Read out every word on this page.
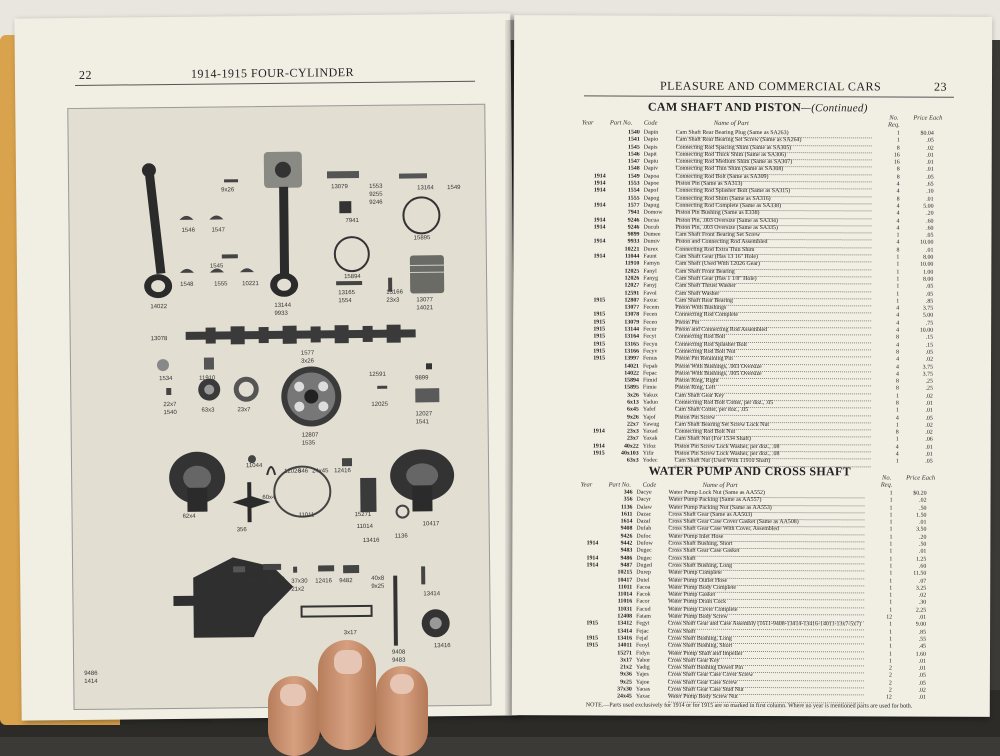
22	1914-1915 FOUR-CYLINDER
9x26
13079	1553
9255
9246
13164 1549
1546	1547
7941
15895
1545
15894
1548	1555 10221
13144
9933
13165
1554
13166
23x3	13077
14021
14022
13078
1577
3x26
1534	11910
12591
9899
22x7
1540	63x3	23x7
12025
12027
1541
12807
1535
11044
12026
346 24x45 12416
60x4
62x4
356
11011	15271
11014
13416
1136
10417
61x6 11031 37x30
21x2
12416 9482	40x8
9x25
13414
9487
3x17
9408
9483
13416
9486
1414
PLEASURE AND COMMERCIAL CARS	23
CAM SHAFT AND PISTON—(Continued)
Year	Part No. Code	Name of Part
No. Req.
Price Each
1540 Dapin	Cam Shaft Rear Bearing Plug (Same as SA263)	1	$0.04
1541 Dapio	Cam Shaft Rear Bearing Set Screw (Same as SA264)	1	.05
1545 Dapis	Connecting Rod Spacing Shim (Same as SA305)	8	.02
1546 Dapit	Connecting Rod Thick Shim (Same as SA306)	16	.01
1547 Dapiu	Connecting Rod Medium Shim (Same as SA307)	16	.01
1548 Dapiv	Connecting Rod Thin Shim (Same as SA308)	8	.01
1914	1549 Dapoa	Connecting Rod Bolt (Same as SA309)	8	.05
1914	1553 Dapoe	Piston Pin (Same as SA313)	4	.65
1914	1554 Dapof	Connecting Rod Splasher Bolt (Same as SA315)	4	.10
1555 Dapog	Connecting Rod Shim (Same as SA316)	8	.01
1914	1577 Dapug	Connecting Rod Complete (Same as SA338)	4	5.00
7941 Domow	Piston Pin Bushing (Same as E338)	4	.20
1914	9246 Ducua	Piston Pin, .003 Oversize (Same as SA334)	4	.60
1914	9246 Ducub	Piston Pin, .003 Oversize (Same as SA335)	4	.60
9899 Dumee	Cam Shaft Front Bearing Set Screw	1	.05
1914	9933 Dumiv	Piston and Connecting Rod Assembled	4	10.00
10221 Durex	Connecting Rod Extra Thin Shim	8	.01
1914	11044 Faunt	Cam Shaft Gear (Has 13 16" Hole)	1	8.00
11910 Famyn	Cam Shaft (Used With 12026 Gear)	1	10.00
12025 Fanyl	Cam Shaft Front Bearing	1	1.00
12026 Fanyg	Cam Shaft Gear (Has 1 1/8" Hole)	1	8.00
12027 Fanyj	Cam Shaft Thrust Washer	1	.05
12591 Favol	Cam Shaft Washer	1	.05
1915	12807 Faxuc	Cam Shaft Rear Bearing	1	.85
13077 Fecem	Piston With Bushings	4	3.75
1915	13078 Fecen	Connecting Rod Complete	4	5.00
1915	13079 Feceo	Piston Pin	4	.75
1915	13144 Fecur	Piston and Connecting Rod Assembled	4	10.00
1915	13164 Fecyt	Connecting Rod Bolt	8	.15
1915	13165 Fecyu	Connecting Rod Splasher Bolt	4	.15
1915	13166 Fecyv	Connecting Rod Bolt Nut	8	.05
1915	13997 Fenus	Piston Pin Retaining Pin	4	.02
14021 Fepab	Piston With Bushings, .003 Oversize	4	3.75
14022 Fepac	Piston With Bushings, .005 Oversize	4	3.75
15894 Fimid	Piston Ring, Right	8	.25
15895 Fimie	Piston Ring, Left	8	.25
3x26 Yakux	Cam Shaft Gear Key	1	.02
6x13 Yaduo	Connecting Rod Bolt Cotter, per doz., .05	8	.01
6x45 Yafef	Cam Shaft Cotter, per doz., .05	1	.01
9x26 Yajof	Piston Pin Screw	4	.05
22x7 Yawug	Cam Shaft Bearing Set Screw Lock Nut	1	.02
1914	23x3 Yaxad	Connecting Rod Bolt Nut	8	.02
23x7 Yaxak	Cam Shaft Nut (For 1534 Shaft)	1	.06
1914	40x22 Yifoz	Piston Pin Screw Lock Washer, per doz., .08	4	.01
1915	40x103 Yifir	Piston Pin Screw Lock Washer, per doz., .08	4	.01
63x3 Yodec	Cam Shaft Nut (Used With 11910 Shaft)	1	.05
WATER PUMP AND CROSS SHAFT
Year	Part No. Code	Name of Part
No. Req.
Price Each
346 Dacye	Water Pump Lock Nut (Same as AA552)	1	$0.20
356 Dacyr	Water Pump Packing (Same as AA557)	1	.02
1136 Dalaw	Water Pump Packing Nut (Same as AA553)	1	.50
1611 Dazac	Cross Shaft Gear (Same as AA503)	1	1.50
1614 Dazaf	Cross Shaft Gear Case Cover Gasket (Same as AA508)	1	.01
9408 Dufah	Cross Shaft Gear Case With Cover, Assembled	1	3.50
9426 Dufoc	Water Pump Inlet Hose	1	.20
1914	9442 Dufow	Cross Shaft Bushing, Short	1	.50
9483 Dugec	Cross Shaft Gear Case Gasket	1	.01
1914	9486 Dugec	Cross Shaft	1	1.25
1914	9487 Duged	Cross Shaft Bushing, Long	1	.60
10215 Durep	Water Pump Complete	1	11.50
10417 Dutel	Water Pump Outlet Hose	1	.07
11011 Facoa	Water Pump Body Complete	1	3.25
11014 Facok	Water Pump Gasket	1	.02
11016 Facor	Water Pump Drain Cock	1	.30
11031 Facud	Water Pump Cover Complete	1	2.25
12408 Fatam	Water Pump Body Screw	12	.01
1915	13412 Fegyt	Cross Shaft Gear and Case Assembly (1611-9408-13414-13416-14011-13x7-5x7)	1	9.00
13414 Fejac	Cross Shaft	1	.85
1915	13416 Fejaf	Cross Shaft Bushing, Long	1	.55
1915	14011 Feoyl	Cross Shaft Bushing, Short	1	.45
15271 Fidyn	Water Pump Shaft and Impeller	1	1.60
3x17 Yabor	Cross Shaft Gear Key	1	.01
21x2 Yadig	Cross Shaft Bushing Dowel Pin	2	.01
9x36 Yajes	Cross Shaft Gear Case Cover Screw	2	.05
9x25 Yajoe	Cross Shaft Gear Case Screw	2	.05
37x30 Yaoas	Cross Shaft Gear Case Stud Nut	2	.02
24x45 Yaxac	Water Pump Body Screw Nut	12	.01
NOTE.—Parts used exclusively for 1914 or for 1915 are so marked in first column. Where no year is mentioned parts are used for both.
